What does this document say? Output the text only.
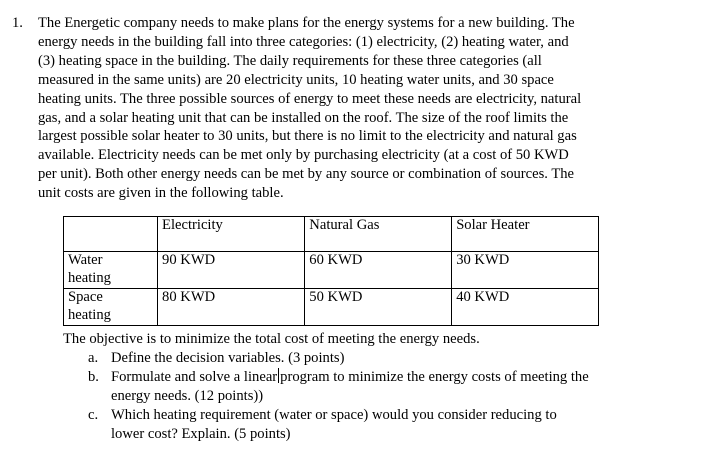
1. The Energetic company needs to make plans for the energy systems for a new building. The
energy needs in the building fall into three categories: (1) electricity, (2) heating water, and
(3) heating space in the building. The daily requirements for these three categories (all
measured in the same units) are 20 electricity units, 10 heating water units, and 30 space
heating units. The three possible sources of energy to meet these needs are electricity, natural
gas, and a solar heating unit that can be installed on the roof. The size of the roof limits the
largest possible solar heater to 30 units, but there is no limit to the electricity and natural gas
available. Electricity needs can be met only by purchasing electricity (at a cost of 50 KWD
per unit). Both other energy needs can be met by any source or combination of sources. The
unit costs are given in the following table.
	Electricity	Natural Gas	Solar Heater
Water
heating	90 KWD	60 KWD	30 KWD
Space
heating	80 KWD	50 KWD	40 KWD
The objective is to minimize the total cost of meeting the energy needs.
a. Define the decision variables. (3 points)
b. Formulate and solve a linear program to minimize the energy costs of meeting the
energy needs. (12 points))
c. Which heating requirement (water or space) would you consider reducing to
lower cost? Explain. (5 points)
